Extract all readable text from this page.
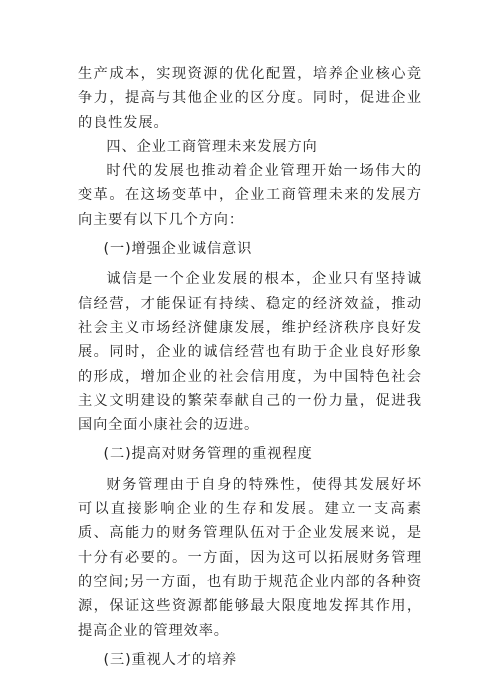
生产成本，实现资源的优化配置，培养企业核心竞争力，提高与其他企业的区分度。同时，促进企业的良性发展。

四、企业工商管理未来发展方向

时代的发展也推动着企业管理开始一场伟大的变革。在这场变革中，企业工商管理未来的发展方向主要有以下几个方向：

(一)增强企业诚信意识

诚信是一个企业发展的根本，企业只有坚持诚信经营，才能保证有持续、稳定的经济效益，推动社会主义市场经济健康发展，维护经济秩序良好发展。同时，企业的诚信经营也有助于企业良好形象的形成，增加企业的社会信用度，为中国特色社会主义文明建设的繁荣奉献自己的一份力量，促进我国向全面小康社会的迈进。

(二)提高对财务管理的重视程度

财务管理由于自身的特殊性，使得其发展好坏可以直接影响企业的生存和发展。建立一支高素质、高能力的财务管理队伍对于企业发展来说，是十分有必要的。一方面，因为这可以拓展财务管理的空间;另一方面，也有助于规范企业内部的各种资源，保证这些资源都能够最大限度地发挥其作用，提高企业的管理效率。

(三)重视人才的培养
